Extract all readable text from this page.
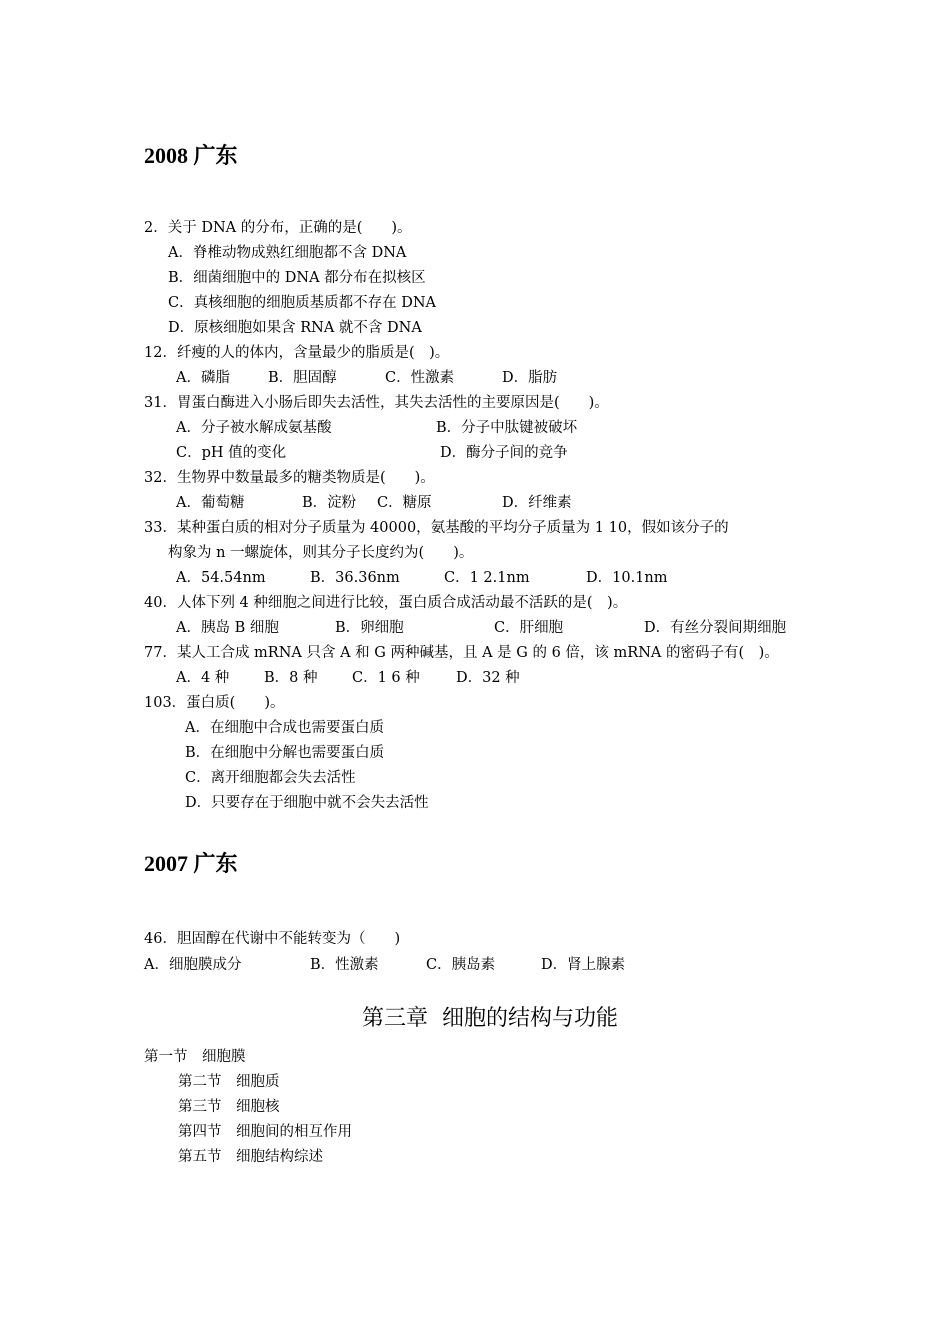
2008 广东
2．关于 DNA 的分布，正确的是(　　)。
A．脊椎动物成熟红细胞都不含 DNA
B．细菌细胞中的 DNA 都分布在拟核区
C．真核细胞的细胞质基质都不存在 DNA
D．原核细胞如果含 RNA 就不含 DNA
12．纤瘦的人的体内，含量最少的脂质是(　)。
A．磷脂	B．胆固醇	C．性激素	D．脂肪
31．胃蛋白酶进入小肠后即失去活性，其失去活性的主要原因是(　　)。
A．分子被水解成氨基酸	B．分子中肽键被破坏
C．pH 值的变化	D．酶分子间的竞争
32．生物界中数量最多的糖类物质是(　　)。
A．葡萄糖	B．淀粉 C．糖原	D．纤维素
33．某种蛋白质的相对分子质量为 40000，氨基酸的平均分子质量为 1 10，假如该分子的
构象为 n 一螺旋体，则其分子长度约为(　　)。
A．54.54nm	B．36.36nm	C．1 2.1nm	D．10.1nm
40．人体下列 4 种细胞之间进行比较，蛋白质合成活动最不活跃的是(　)。
A．胰岛 B 细胞	B．卵细胞	C．肝细胞	D．有丝分裂间期细胞
77．某人工合成 mRNA 只含 A 和 G 两种碱基，且 A 是 G 的 6 倍，该 mRNA 的密码子有(　)。
A．4 种 B．8 种 C．1 6 种 D．32 种
103．蛋白质(　　)。
A．在细胞中合成也需要蛋白质
B．在细胞中分解也需要蛋白质
C．离开细胞都会失去活性
D．只要存在于细胞中就不会失去活性
2007 广东
46．胆固醇在代谢中不能转变为（　　)
A．细胞膜成分	B．性激素	C．胰岛素	D．肾上腺素
第三章  细胞的结构与功能
第一节　细胞膜
第二节　细胞质
第三节　细胞核
第四节　细胞间的相互作用
第五节　细胞结构综述
